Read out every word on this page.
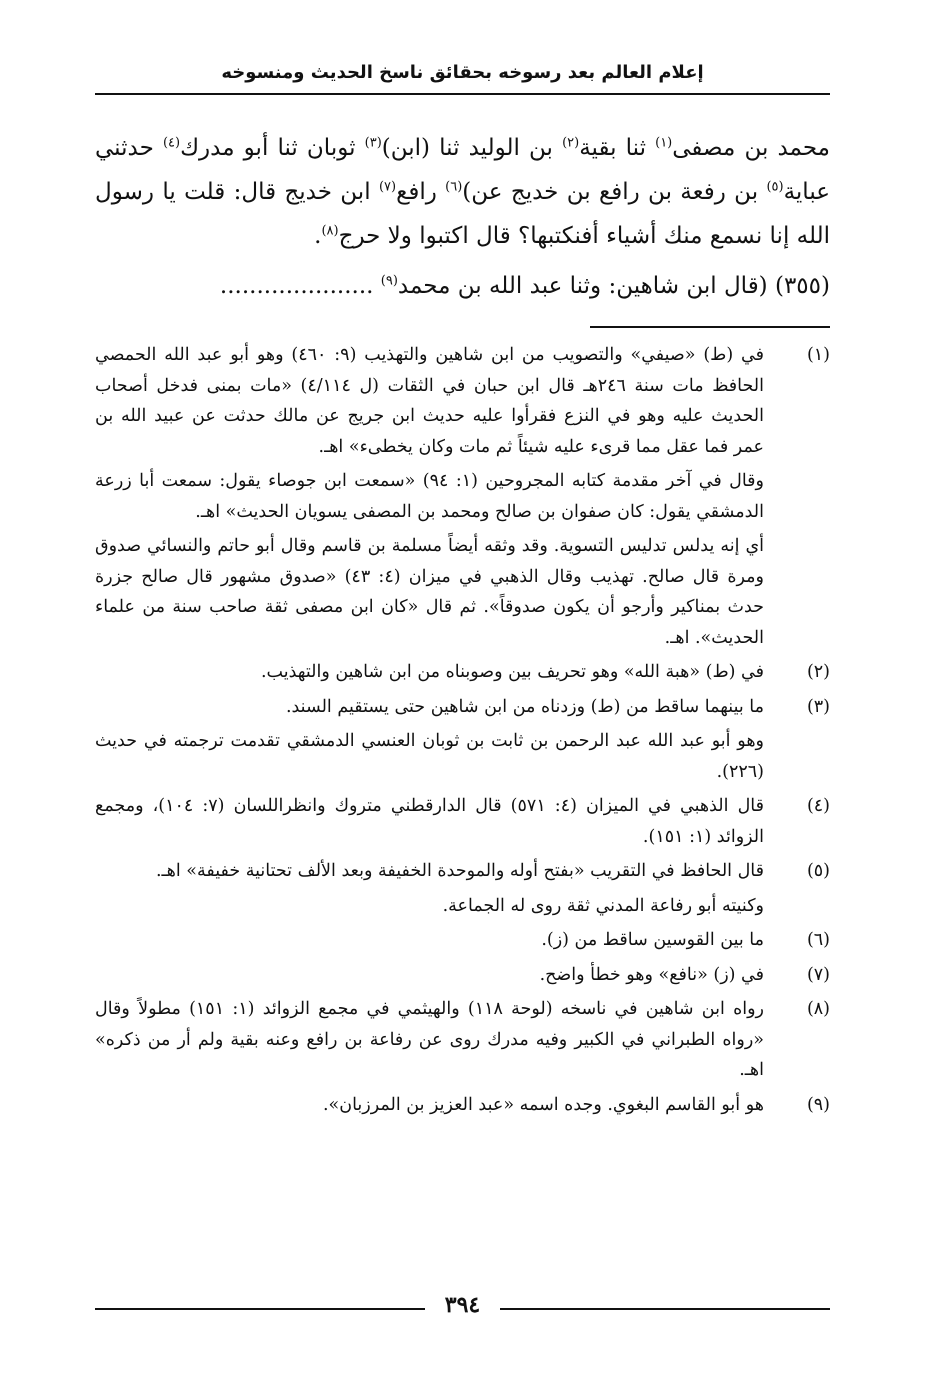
إعلام العالم بعد رسوخه بحقائق ناسخ الحديث ومنسوخه

محمد بن مصفى$^{(١)}$ ثنا بقية$^{(٢)}$ بن الوليد ثنا (ابن)$^{(٣)}$ ثوبان ثنا أبو مدرك$^{(٤)}$ حدثني عباية$^{(٥)}$ بن رفعة بن رافع بن خديج عن)$^{(٦)}$ رافع$^{(٧)}$ ابن خديج قال: قلت يا رسول الله إنا نسمع منك أشياء أفنكتبها؟ قال اكتبوا ولا حرج$^{(٨)}$.

(٣٥٥) (قال ابن شاهين: وثنا عبد الله بن محمد$^{(٩)}$ .....................

(١)

في (ط) «صيفي» والتصويب من ابن شاهين والتهذيب (٩: ٤٦٠) وهو أبو عبد الله الحمصي الحافظ مات سنة ٢٤٦هـ قال ابن حبان في الثقات (ل ٤/١١٤) «مات بمنى فدخل أصحاب الحديث عليه وهو في النزع فقرأوا عليه حديث ابن جريج عن مالك حدثت عن عبيد الله بن عمر فما عقل مما قرىء عليه شيئاً ثم مات وكان يخطىء» اهـ.

وقال في آخر مقدمة كتابه المجروحين (١: ٩٤) «سمعت ابن جوصاء يقول: سمعت أبا زرعة الدمشقي يقول: كان صفوان بن صالح ومحمد بن المصفى يسويان الحديث» اهـ.

أي إنه يدلس تدليس التسوية. وقد وثقه أيضاً مسلمة بن قاسم وقال أبو حاتم والنسائي صدوق ومرة قال صالح. تهذيب وقال الذهبي في ميزان (٤: ٤٣) «صدوق مشهور قال صالح جزرة حدث بمناكير وأرجو أن يكون صدوقاً». ثم قال «كان ابن مصفى ثقة صاحب سنة من علماء الحديث». اهـ.

(٢)

في (ط) «هبة الله» وهو تحريف بين وصوبناه من ابن شاهين والتهذيب.

(٣)

ما بينهما ساقط من (ط) وزدناه من ابن شاهين حتى يستقيم السند.

وهو أبو عبد الله عبد الرحمن بن ثابت بن ثوبان العنسي الدمشقي تقدمت ترجمته في حديث (٢٢٦).

(٤)

قال الذهبي في الميزان (٤: ٥٧١) قال الدارقطني متروك وانظراللسان (٧: ١٠٤)، ومجمع الزوائد (١: ١٥١).

(٥)

قال الحافظ في التقريب «بفتح أوله والموحدة الخفيفة وبعد الألف تحتانية خفيفة» اهـ.

وكنيته أبو رفاعة المدني ثقة روى له الجماعة.

(٦)

ما بين القوسين ساقط من (ز).

(٧)

في (ز) «نافع» وهو خطأ واضح.

(٨)

رواه ابن شاهين في ناسخه (لوحة ١١٨) والهيثمي في مجمع الزوائد (١: ١٥١) مطولاً وقال «رواه الطبراني في الكبير وفيه مدرك روى عن رفاعة بن رافع وعنه بقية ولم أر من ذكره» اهـ.

(٩)

هو أبو القاسم البغوي. وجده اسمه «عبد العزيز بن المرزبان».

٣٩٤
